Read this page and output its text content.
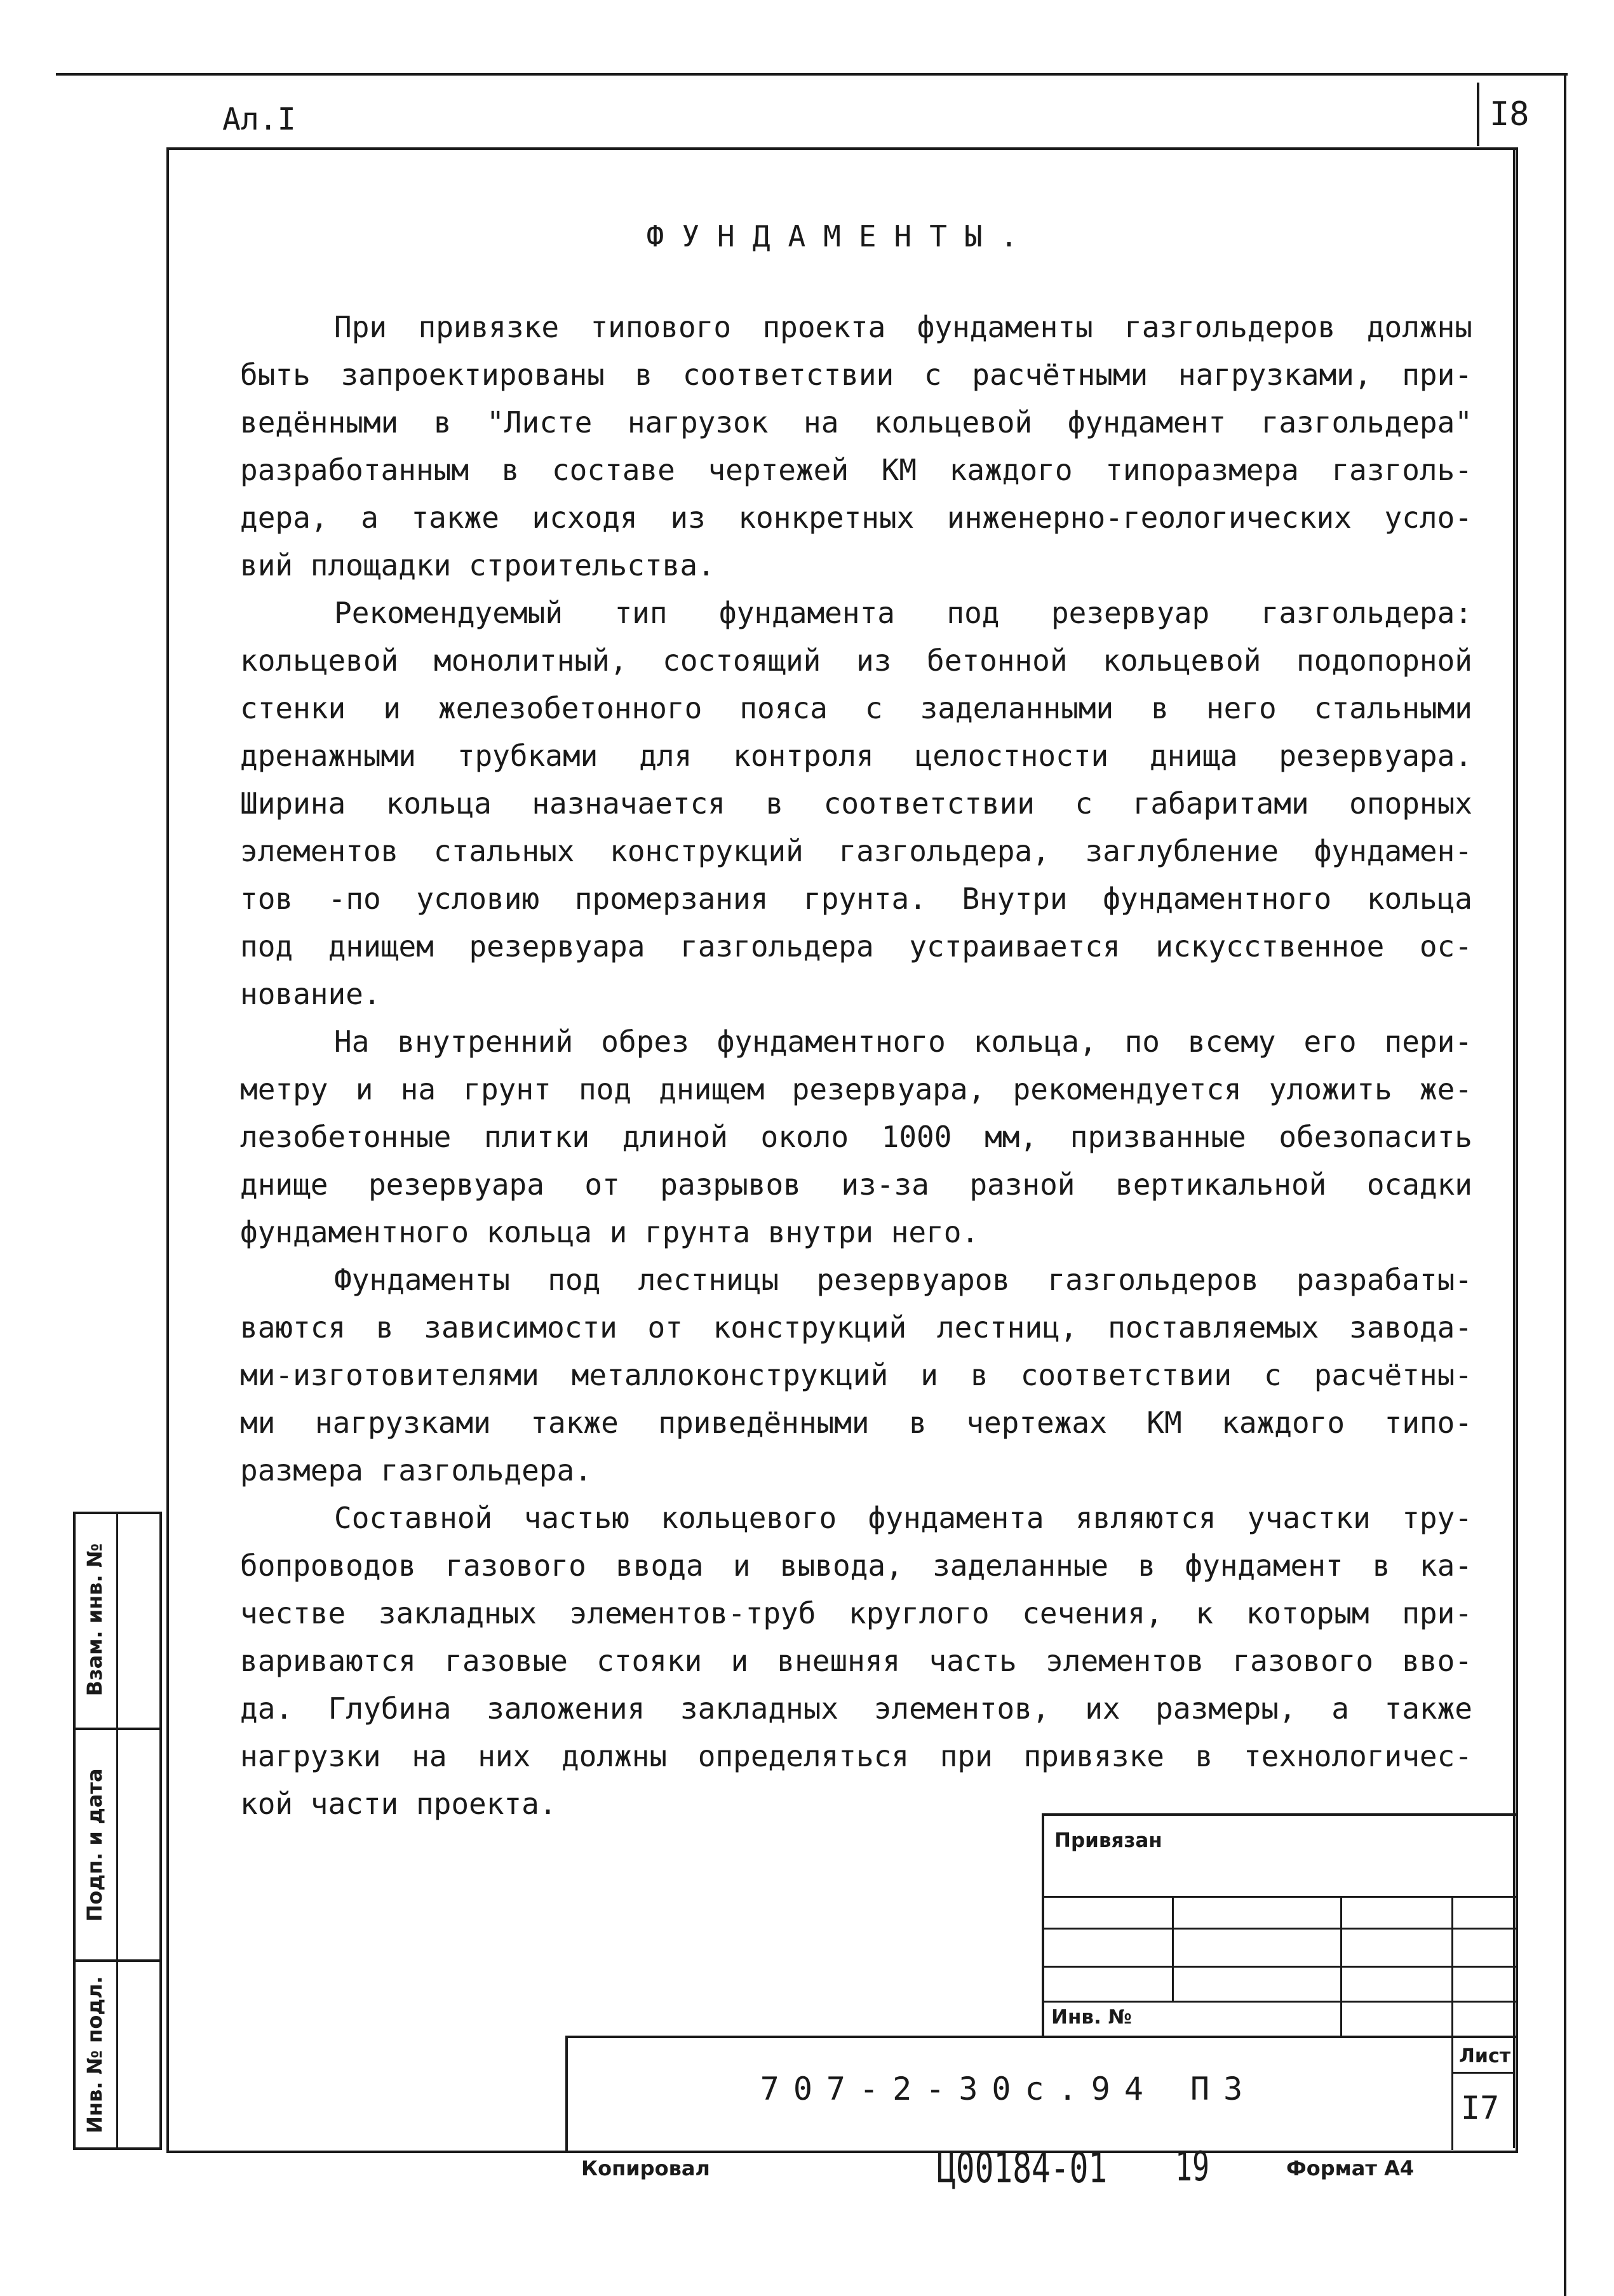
Ал.I	I8
ФУНДАМЕНТЫ.

При привязке типового проекта фундаменты газгольдеров должны
быть запроектированы в соответствии с расчётными нагрузками, при-
ведёнными в "Листе нагрузок на кольцевой фундамент газгольдера"
разработанным в составе чертежей КМ каждого типоразмера газголь-
дера, а также исходя из конкретных инженерно-геологических усло-
вий площадки строительства.

Рекомендуемый тип фундамента под резервуар газгольдера:
кольцевой монолитный, состоящий из бетонной кольцевой подопорной
стенки и железобетонного пояса с заделанными в него стальными
дренажными трубками для контроля целостности днища резервуара.
Ширина кольца назначается в соответствии с габаритами опорных
элементов стальных конструкций газгольдера, заглубление фундамен-
тов -по условию промерзания грунта. Внутри фундаментного кольца
под днищем резервуара газгольдера устраивается искусственное ос-
нование.

На внутренний обрез фундаментного кольца, по всему его пери-
метру и на грунт под днищем резервуара, рекомендуется уложить же-
лезобетонные плитки длиной около 1000 мм, призванные обезопасить
днище резервуара от разрывов из-за разной вертикальной осадки
фундаментного кольца и грунта внутри него.

Фундаменты под лестницы резервуаров газгольдеров разрабаты-
ваются в зависимости от конструкций лестниц, поставляемых завода-
ми-изготовителями металлоконструкций и в соответствии с расчётны-
ми нагрузками также приведёнными в чертежах КМ каждого типо-
размера газгольдера.

Составной частью кольцевого фундамента являются участки тру-
бопроводов газового ввода и вывода, заделанные в фундамент в ка-
честве закладных элементов-труб круглого сечения, к которым при-
вариваются газовые стояки и внешняя часть элементов газового вво-
да. Глубина заложения закладных элементов, их размеры, а также
нагрузки на них должны определяться при привязке в технологичес-
кой части проекта.

Взам. инв. №
Подп. и дата
Инв. № подл.
Привязан
Инв. №
Лист
707-2-30с.94 ПЗ
I7
Копировал	Ц00184-01 19	Формат А4
